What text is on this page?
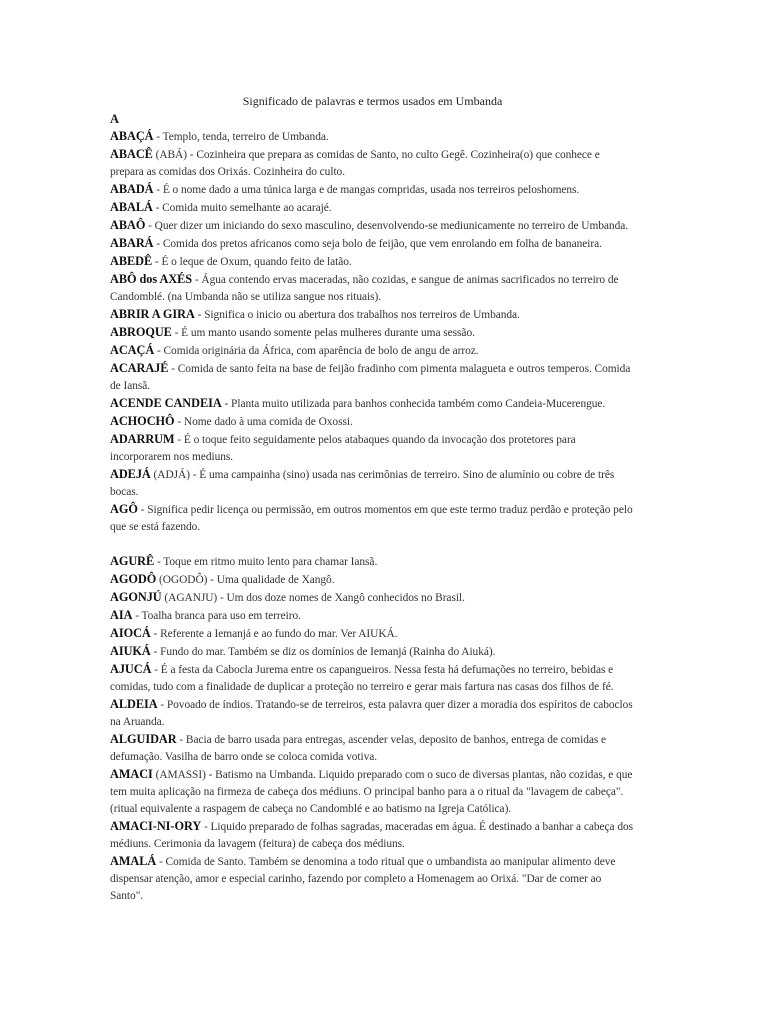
Significado de palavras e termos usados em Umbanda

A

ABAÇÁ - Templo, tenda, terreiro de Umbanda.

ABACÊ (ABÁ) - Cozinheira que prepara as comidas de Santo, no culto Gegê. Cozinheira(o) que conhece e prepara as comidas dos Orixás. Cozinheira do culto.

ABADÁ - É o nome dado a uma túnica larga e de mangas compridas, usada nos terreiros peloshomens.

ABALÁ - Comida muito semelhante ao acarajé.

ABAÔ - Quer dizer um iniciando do sexo masculino, desenvolvendo-se mediunicamente no terreiro de Umbanda.

ABARÁ - Comida dos pretos africanos como seja bolo de feijão, que vem enrolando em folha de bananeira.

ABEDÊ - É o leque de Oxum, quando feito de latão.

ABÔ dos AXÉS - Água contendo ervas maceradas, não cozidas, e sangue de animas sacrificados no terreiro de Candomblé. (na Umbanda não se utiliza sangue nos rituais).

ABRIR A GIRA - Significa o inicio ou abertura dos trabalhos nos terreiros de Umbanda.

ABROQUE - É um manto usando somente pelas mulheres durante uma sessão.

ACAÇÁ - Comida originária da África, com aparência de bolo de angu de arroz.

ACARAJÉ - Comida de santo feita na base de feijão fradinho com pimenta malagueta e outros temperos. Comida de Iansã.

ACENDE CANDEIA - Planta muito utilizada para banhos conhecida também como Candeia-Mucerengue.

ACHOCHÔ - Nome dado à uma comida de Oxossi.

ADARRUM - É o toque feito seguidamente pelos atabaques quando da invocação dos protetores para incorporarem nos mediuns.

ADEJÁ (ADJÁ) - É uma campainha (sino) usada nas cerimônias de terreiro. Sino de alumínio ou cobre de três bocas.

AGÔ - Significa pedir licença ou permissão, em outros momentos em que este termo traduz perdão e proteção pelo que se está fazendo.

AGURÊ - Toque em ritmo muito lento para chamar Iansã.

AGODÔ (OGODÔ) - Uma qualidade de Xangô.

AGONJÚ (AGANJU) - Um dos doze nomes de Xangô conhecidos no Brasil.

AIA - Toalha branca para uso em terreiro.

AIOCÁ - Referente a Iemanjá e ao fundo do mar. Ver AIUKÁ.

AIUKÁ - Fundo do mar. Também se diz os domínios de Iemanjá (Rainha do Aiuká).

AJUCÁ - É a festa da Cabocla Jurema entre os capangueiros. Nessa festa há defumações no terreiro, bebidas e comidas, tudo com a finalidade de duplicar a proteção no terreiro e gerar mais fartura nas casas dos filhos de fé.

ALDEIA - Povoado de índios. Tratando-se de terreiros, esta palavra quer dizer a moradia dos espíritos de caboclos na Aruanda.

ALGUIDAR - Bacia de barro usada para entregas, ascender velas, deposito de banhos, entrega de comidas e defumação. Vasilha de barro onde se coloca comida votiva.

AMACI (AMASSI) - Batismo na Umbanda. Liquido preparado com o suco de diversas plantas, não cozidas, e que tem muita aplicação na firmeza de cabeça dos médiuns. O principal banho para a o ritual da "lavagem de cabeça". (ritual equivalente a raspagem de cabeça no Candomblé e ao batismo na Igreja Católica).

AMACI-NI-ORY - Liquido preparado de folhas sagradas, maceradas em água. É destinado a banhar a cabeça dos médiuns. Cerimonia da lavagem (feitura) de cabeça dos médiuns.

AMALÁ - Comida de Santo. Também se denomina a todo ritual que o umbandista ao manipular alimento deve dispensar atenção, amor e especial carinho, fazendo por completo a Homenagem ao Orixá. "Dar de comer ao Santo".
